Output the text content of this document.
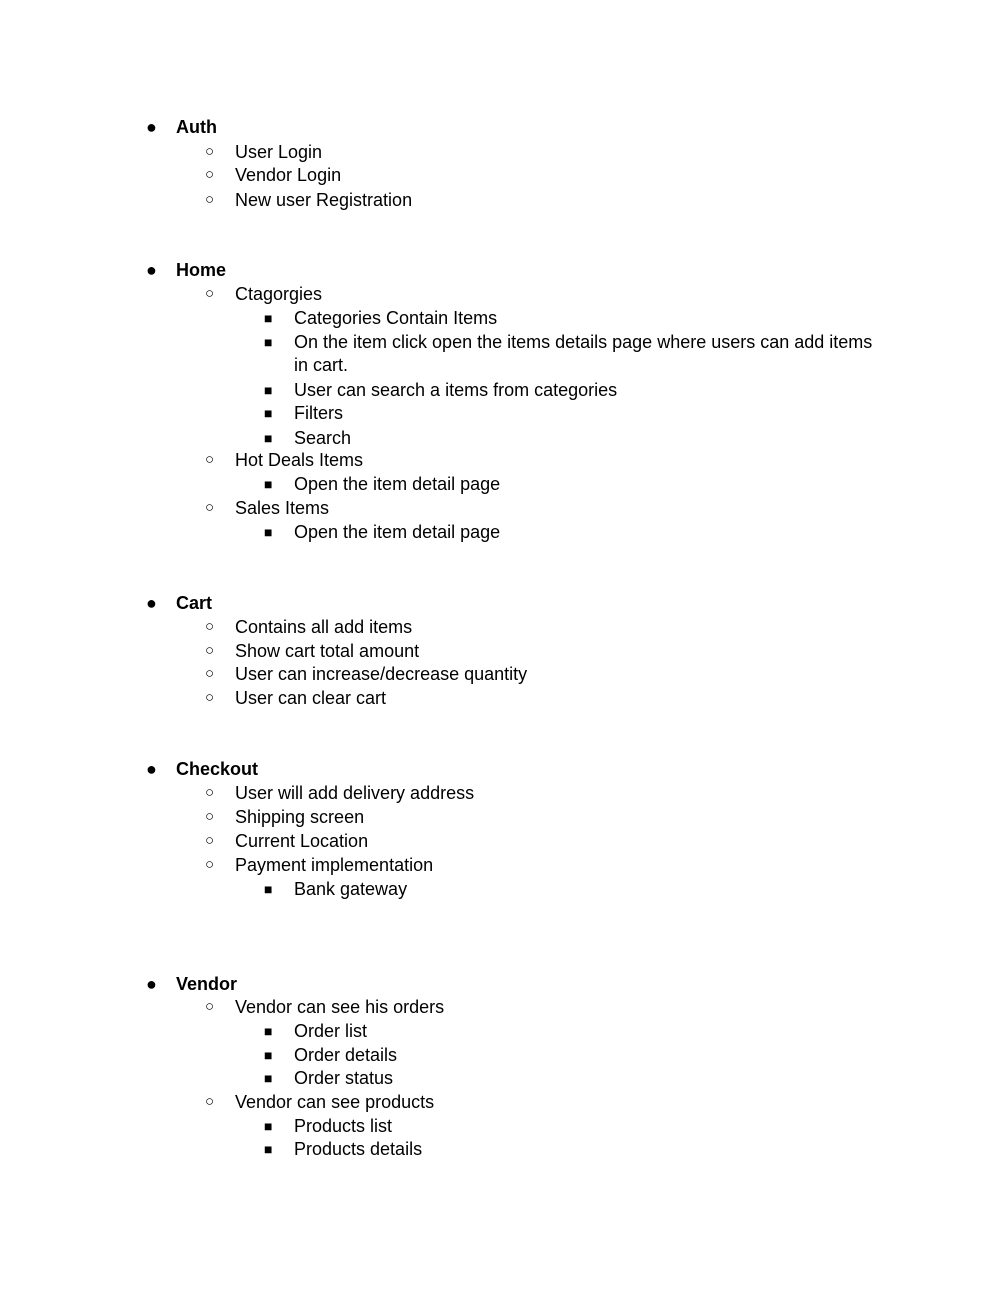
● Auth
○ User Login
○ Vendor Login
○ New user Registration
● Home
○ Ctagorgies
■ Categories Contain Items
■ On the item click open the items details page where users can add items in cart.
■ User can search a items from categories
■ Filters
■ Search
○ Hot Deals Items
■ Open the item detail page
○ Sales Items
■ Open the item detail page
● Cart
○ Contains all add items
○ Show cart total amount
○ User can increase/decrease quantity
○ User can clear cart
● Checkout
○ User will add delivery address
○ Shipping screen
○ Current Location
○ Payment implementation
■ Bank gateway
● Vendor
○ Vendor can see his orders
■ Order list
■ Order details
■ Order status
○ Vendor can see products
■ Products list
■ Products details
